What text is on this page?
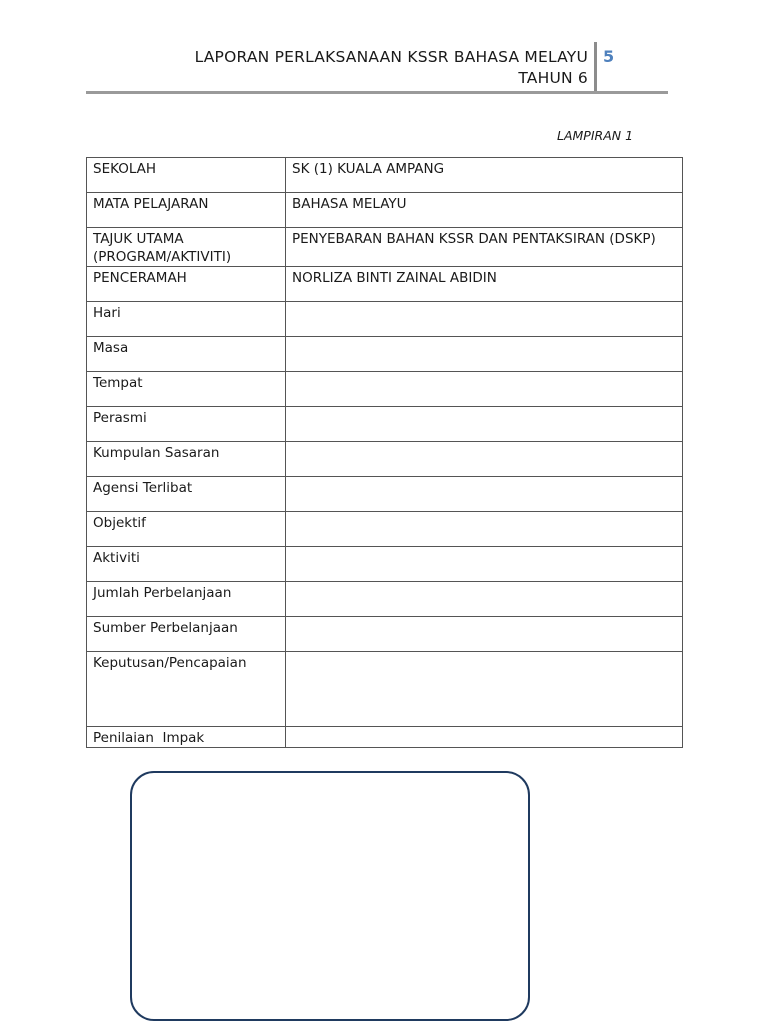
LAPORAN PERLAKSANAAN KSSR BAHASA MELAYU
TAHUN 6
5
LAMPIRAN 1
SEKOLAH	SK (1) KUALA AMPANG
MATA PELAJARAN	BAHASA MELAYU
TAJUK UTAMA (PROGRAM/AKTIVITI)	PENYEBARAN BAHAN KSSR DAN PENTAKSIRAN (DSKP)
PENCERAMAH	NORLIZA BINTI ZAINAL ABIDIN
Hari	
Masa	
Tempat	
Perasmi	
Kumpulan Sasaran	
Agensi Terlibat	
Objektif	
Aktiviti	
Jumlah Perbelanjaan	
Sumber Perbelanjaan	
Keputusan/Pencapaian	
Penilaian  Impak	
